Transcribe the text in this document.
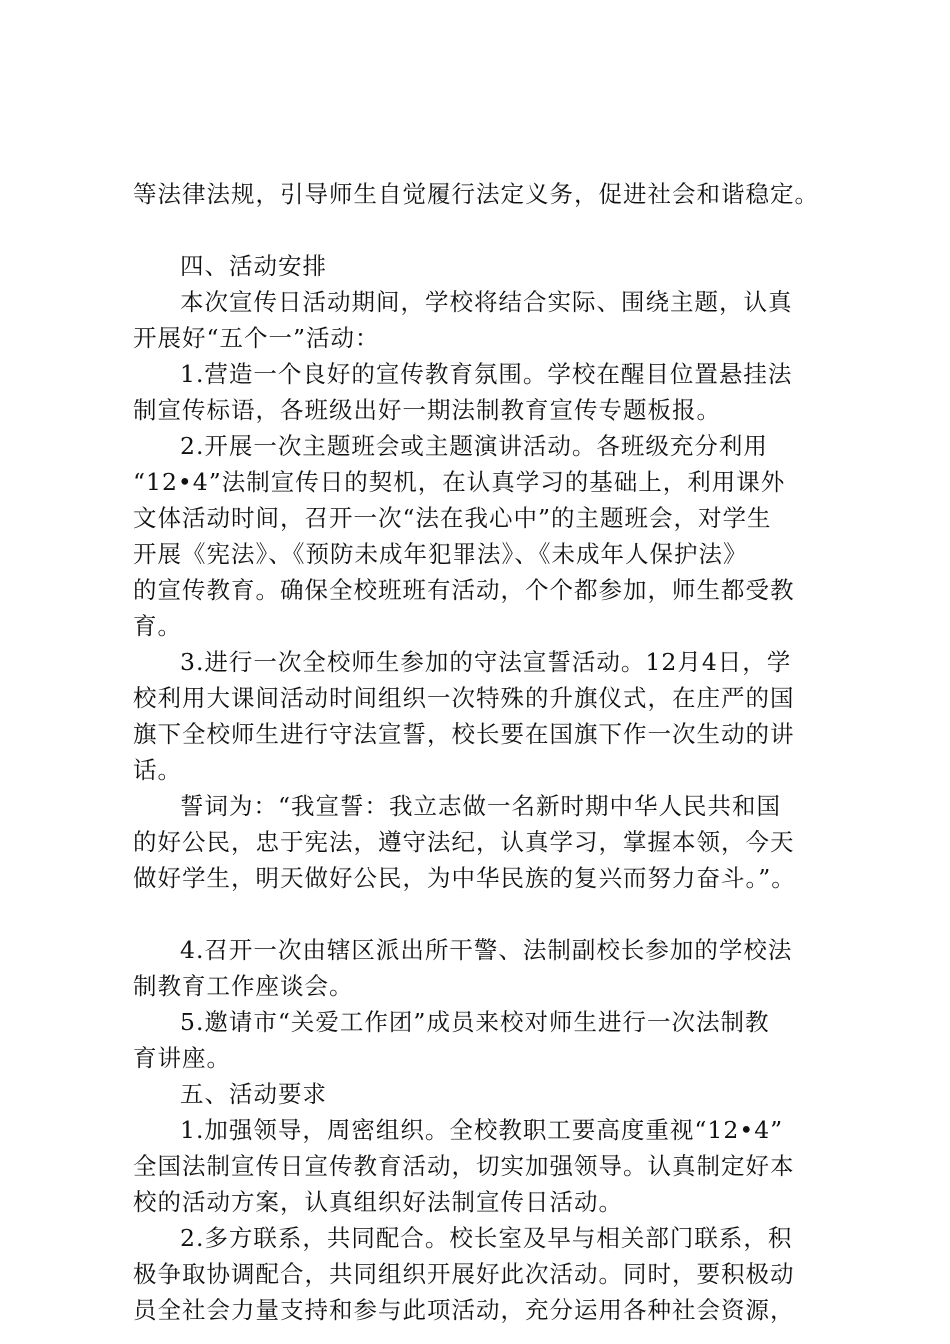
等法律法规，引导师生自觉履行法定义务，促进社会和谐稳定。

四、活动安排

本次宣传日活动期间，学校将结合实际、围绕主题，认真

开展好“五个一”活动：

1.营造一个良好的宣传教育氛围。学校在醒目位置悬挂法

制宣传标语，各班级出好一期法制教育宣传专题板报。

2.开展一次主题班会或主题演讲活动。各班级充分利用

“12•4”法制宣传日的契机，在认真学习的基础上，利用课外

文体活动时间，召开一次“法在我心中”的主题班会，对学生

开展《宪法》、《预防未成年犯罪法》、《未成年人保护法》

的宣传教育。确保全校班班有活动，个个都参加，师生都受教

育。

3.进行一次全校师生参加的守法宣誓活动。12月4日，学

校利用大课间活动时间组织一次特殊的升旗仪式，在庄严的国

旗下全校师生进行守法宣誓，校长要在国旗下作一次生动的讲

话。

誓词为：“我宣誓：我立志做一名新时期中华人民共和国

的好公民，忠于宪法，遵守法纪，认真学习，掌握本领，今天

做好学生，明天做好公民，为中华民族的复兴而努力奋斗。”。

4.召开一次由辖区派出所干警、法制副校长参加的学校法

制教育工作座谈会。

5.邀请市“关爱工作团”成员来校对师生进行一次法制教

育讲座。

五、活动要求

1.加强领导，周密组织。全校教职工要高度重视“12•4”

全国法制宣传日宣传教育活动，切实加强领导。认真制定好本

校的活动方案，认真组织好法制宣传日活动。

2.多方联系，共同配合。校长室及早与相关部门联系，积

极争取协调配合，共同组织开展好此次活动。同时，要积极动

员全社会力量支持和参与此项活动，充分运用各种社会资源，
